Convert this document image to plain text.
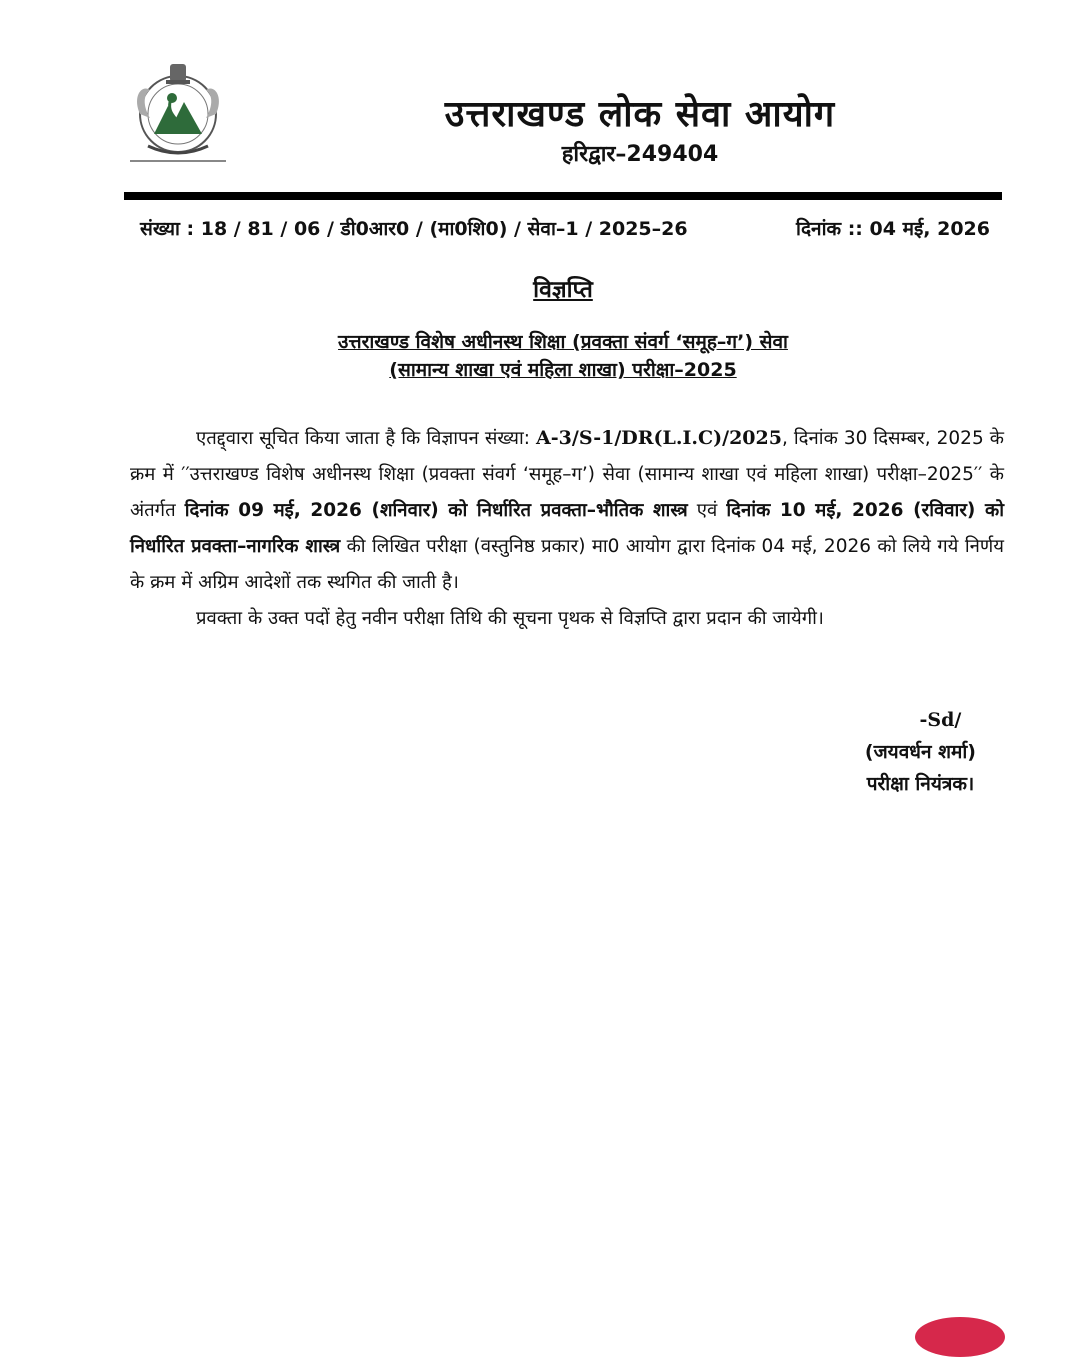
उत्तराखण्ड लोक सेवा आयोग
हरिद्वार–249404
संख्या : 18 / 81 / 06 / डी0आर0 / (मा0शि0) / सेवा–1 / 2025–26	दिनांक :: 04 मई, 2026
विज्ञप्ति
उत्तराखण्ड विशेष अधीनस्थ शिक्षा (प्रवक्ता संवर्ग ‘समूह–ग’) सेवा
(सामान्य शाखा एवं महिला शाखा) परीक्षा–2025

एतद्द्वारा सूचित किया जाता है कि विज्ञापन संख्या: A-3/S-1/DR(L.I.C)/2025, दिनांक 30 दिसम्बर, 2025 के क्रम में ′′उत्तराखण्ड विशेष अधीनस्थ शिक्षा (प्रवक्ता संवर्ग ‘समूह–ग’) सेवा (सामान्य शाखा एवं महिला शाखा) परीक्षा–2025′′ के अंतर्गत दिनांक 09 मई, 2026 (शनिवार) को निर्धारित प्रवक्ता–भौतिक शास्त्र एवं दिनांक 10 मई, 2026 (रविवार) को निर्धारित प्रवक्ता–नागरिक शास्त्र की लिखित परीक्षा (वस्तुनिष्ठ प्रकार) मा0 आयोग द्वारा दिनांक 04 मई, 2026 को लिये गये निर्णय के क्रम में अग्रिम आदेशों तक स्थगित की जाती है।

प्रवक्ता के उक्त पदों हेतु नवीन परीक्षा तिथि की सूचना पृथक से विज्ञप्ति द्वारा प्रदान की जायेगी।

-Sd/
(जयवर्धन शर्मा)
परीक्षा नियंत्रक।
